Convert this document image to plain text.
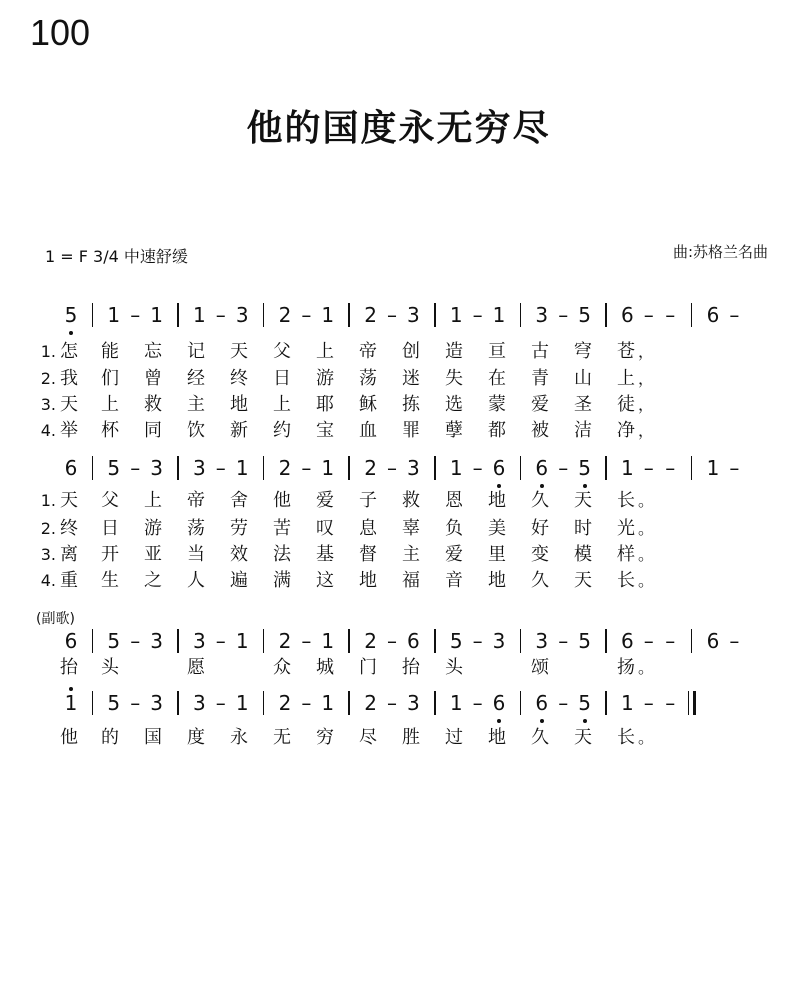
100
他的国度永无穷尽
1 = F 3/4 中速舒缓	曲:苏格兰名曲
(副歌)
5 1 – 1 1 – 3 2 – 1 2 – 3 1 – 1 3 – 5 6 – – 6 –
1. 怎 能 忘 记 天 父 上 帝 创 造 亘 古 穹 苍 ，
2. 我 们 曾 经 终 日 游 荡 迷 失 在 青 山 上 ，
3. 天 上 救 主 地 上 耶 稣 拣 选 蒙 爱 圣 徒 ，
4. 举 杯 同 饮 新 约 宝 血 罪 孽 都 被 洁 净 ，
6 5 – 3 3 – 1 2 – 1 2 – 3 1 – 6 6 – 5 1 – – 1 –
1. 天 父 上 帝 舍 他 爱 子 救 恩 地 久 天 长 。
2. 终 日 游 荡 劳 苦 叹 息 辜 负 美 好 时 光 。
3. 离 开 亚 当 效 法 基 督 主 爱 里 变 模 样 。
4. 重 生 之 人 遍 满 这 地 福 音 地 久 天 长 。
6 5 – 3 3 – 1 2 – 1 2 – 6 5 – 3 3 – 5 6 – – 6 –
抬 头	愿	众 城 门 抬 头	颂	扬 。
1 5 – 3 3 – 1 2 – 1 2 – 3 1 – 6 6 – 5 1 – –
他 的 国 度 永 无 穷 尽 胜 过 地 久 天 长 。
